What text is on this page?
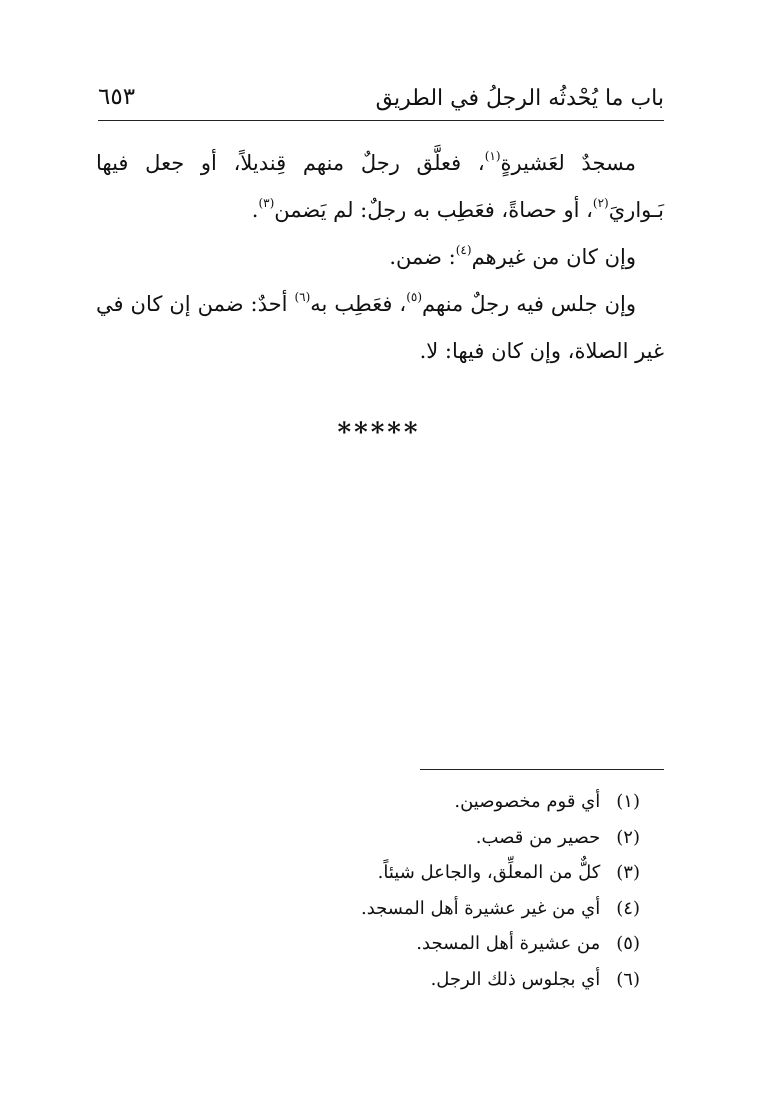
باب ما يُحْدثُه الرجلُ في الطريق
٦٥٣

مسجدٌ لعَشيرةٍ$^{(١)}$، فعلَّق رجلٌ منهم قِنديلاً، أو جعل فيها بَـواريَ$^{(٢)}$، أو حصاةً، فعَطِب به رجلٌ: لم يَضمن$^{(٣)}$.

وإن كان من غيرهم$^{(٤)}$: ضمن.

وإن جلس فيه رجلٌ منهم$^{(٥)}$، فعَطِب به$^{(٦)}$ أحدٌ: ضمن إن كان في غير الصلاة، وإن كان فيها: لا.

*****
(١) أي قوم مخصوصين.
(٢) حصير من قصب.
(٣) كلٌّ من المعلِّق، والجاعل شيئاً.
(٤) أي من غير عشيرة أهل المسجد.
(٥) من عشيرة أهل المسجد.
(٦) أي بجلوس ذلك الرجل.
